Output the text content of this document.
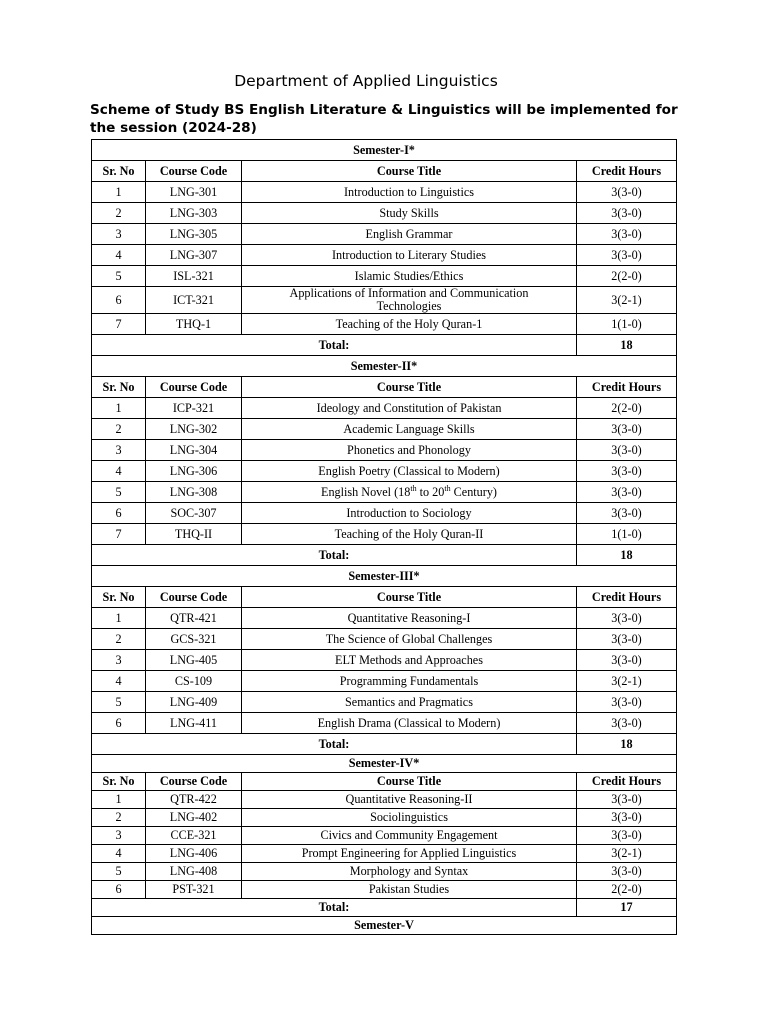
Department of Applied Linguistics
Scheme of Study BS English Literature & Linguistics will be implemented for the session (2024-28)
Semester-I*			
Sr. No	Course Code	Course Title	Credit Hours
1	LNG-301	Introduction to Linguistics	3(3-0)
2	LNG-303	Study Skills	3(3-0)
3	LNG-305	English Grammar	3(3-0)
4	LNG-307	Introduction to Literary Studies	3(3-0)
5	ISL-321	Islamic Studies/Ethics	2(2-0)
6	ICT-321	Applications of Information and Communication Technologies	3(2-1)
7	THQ-1	Teaching of the Holy Quran-1	1(1-0)
Total:			18
Semester-II*			
Sr. No	Course Code	Course Title	Credit Hours
1	ICP-321	Ideology and Constitution of Pakistan	2(2-0)
2	LNG-302	Academic Language Skills	3(3-0)
3	LNG-304	Phonetics and Phonology	3(3-0)
4	LNG-306	English Poetry (Classical to Modern)	3(3-0)
5	LNG-308	English Novel (18th to 20th Century)	3(3-0)
6	SOC-307	Introduction to Sociology	3(3-0)
7	THQ-II	Teaching of the Holy Quran-II	1(1-0)
Total:			18
Semester-III*			
Sr. No	Course Code	Course Title	Credit Hours
1	QTR-421	Quantitative Reasoning-I	3(3-0)
2	GCS-321	The Science of Global Challenges	3(3-0)
3	LNG-405	ELT Methods and Approaches	3(3-0)
4	CS-109	Programming Fundamentals	3(2-1)
5	LNG-409	Semantics and Pragmatics	3(3-0)
6	LNG-411	English Drama (Classical to Modern)	3(3-0)
Total:			18
Semester-IV*			
Sr. No	Course Code	Course Title	Credit Hours
1	QTR-422	Quantitative Reasoning-II	3(3-0)
2	LNG-402	Sociolinguistics	3(3-0)
3	CCE-321	Civics and Community Engagement	3(3-0)
4	LNG-406	Prompt Engineering for Applied Linguistics	3(2-1)
5	LNG-408	Morphology and Syntax	3(3-0)
6	PST-321	Pakistan Studies	2(2-0)
Total:			17
Semester-V			
